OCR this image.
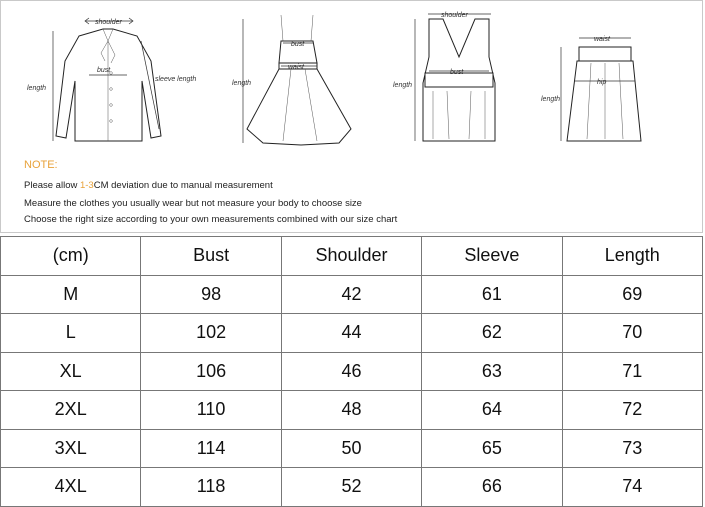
shoulder
bust
sleeve length
length
bust
waist
length
shoulder
bust
length
waist
hip
length
NOTE:
Please allow 1-3CM deviation due to manual measurement
Measure the clothes you usually wear but not measure your body to choose size
Choose the right size according to your own measurements combined with our size chart
(cm)	Bust	Shoulder	Sleeve	Length
M	98	42	61	69
L	102	44	62	70
XL	106	46	63	71
2XL	110	48	64	72
3XL	114	50	65	73
4XL	118	52	66	74
